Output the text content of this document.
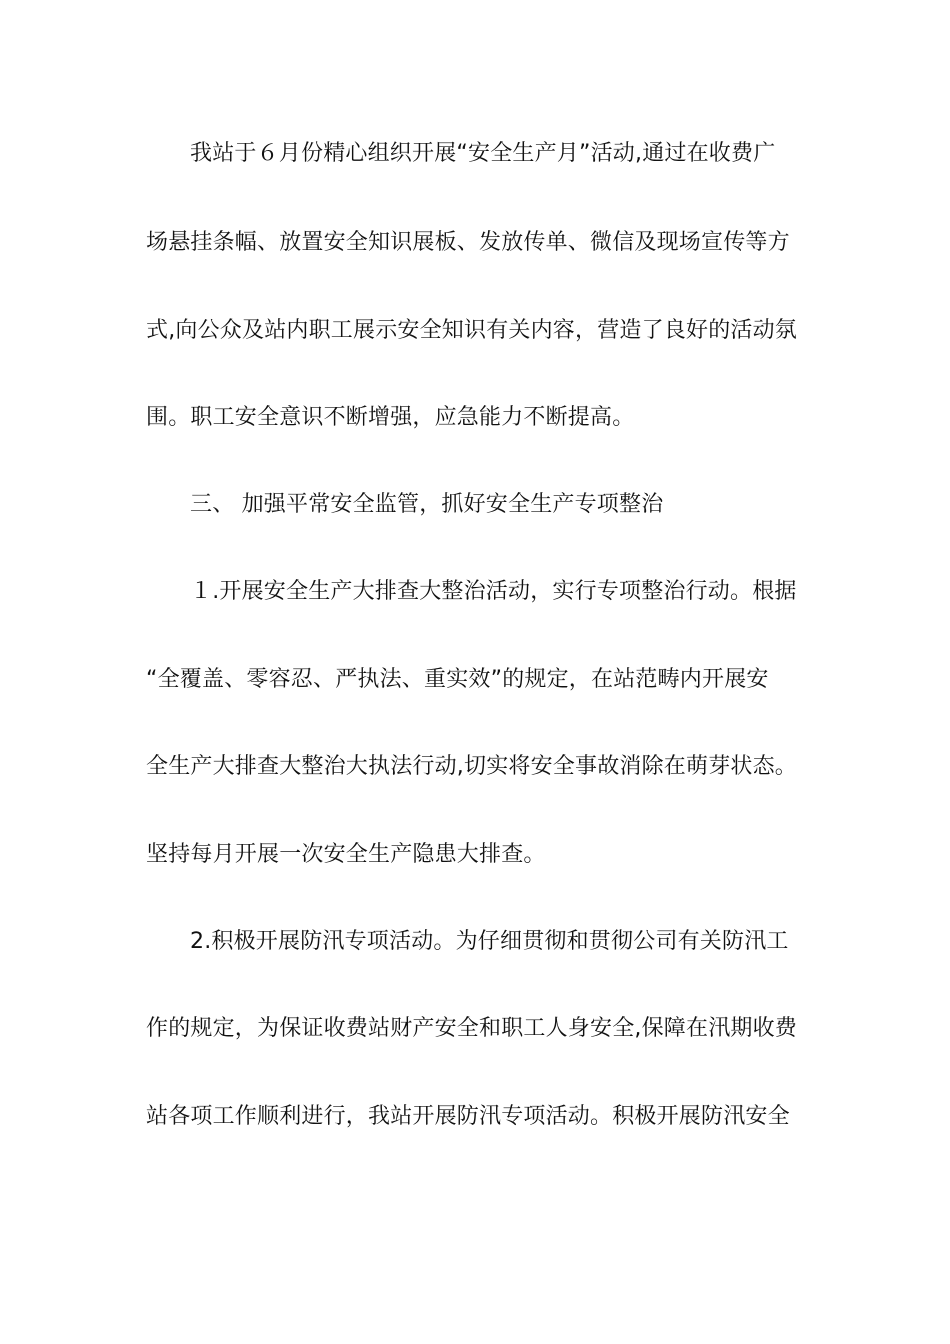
我站于６月份精心组织开展“安全生产月”活动,通过在收费广
场悬挂条幅、放置安全知识展板、发放传单、微信及现场宣传等方
式,向公众及站内职工展示安全知识有关内容，营造了良好的活动氛
围。职工安全意识不断增强，应急能力不断提高。
三、 加强平常安全监管，抓好安全生产专项整治
１.开展安全生产大排查大整治活动，实行专项整治行动。根据
“全覆盖、零容忍、严执法、重实效”的规定，在站范畴内开展安
全生产大排查大整治大执法行动,切实将安全事故消除在萌芽状态。
坚持每月开展一次安全生产隐患大排查。
2.积极开展防汛专项活动。为仔细贯彻和贯彻公司有关防汛工
作的规定，为保证收费站财产安全和职工人身安全,保障在汛期收费
站各项工作顺利进行，我站开展防汛专项活动。积极开展防汛安全
